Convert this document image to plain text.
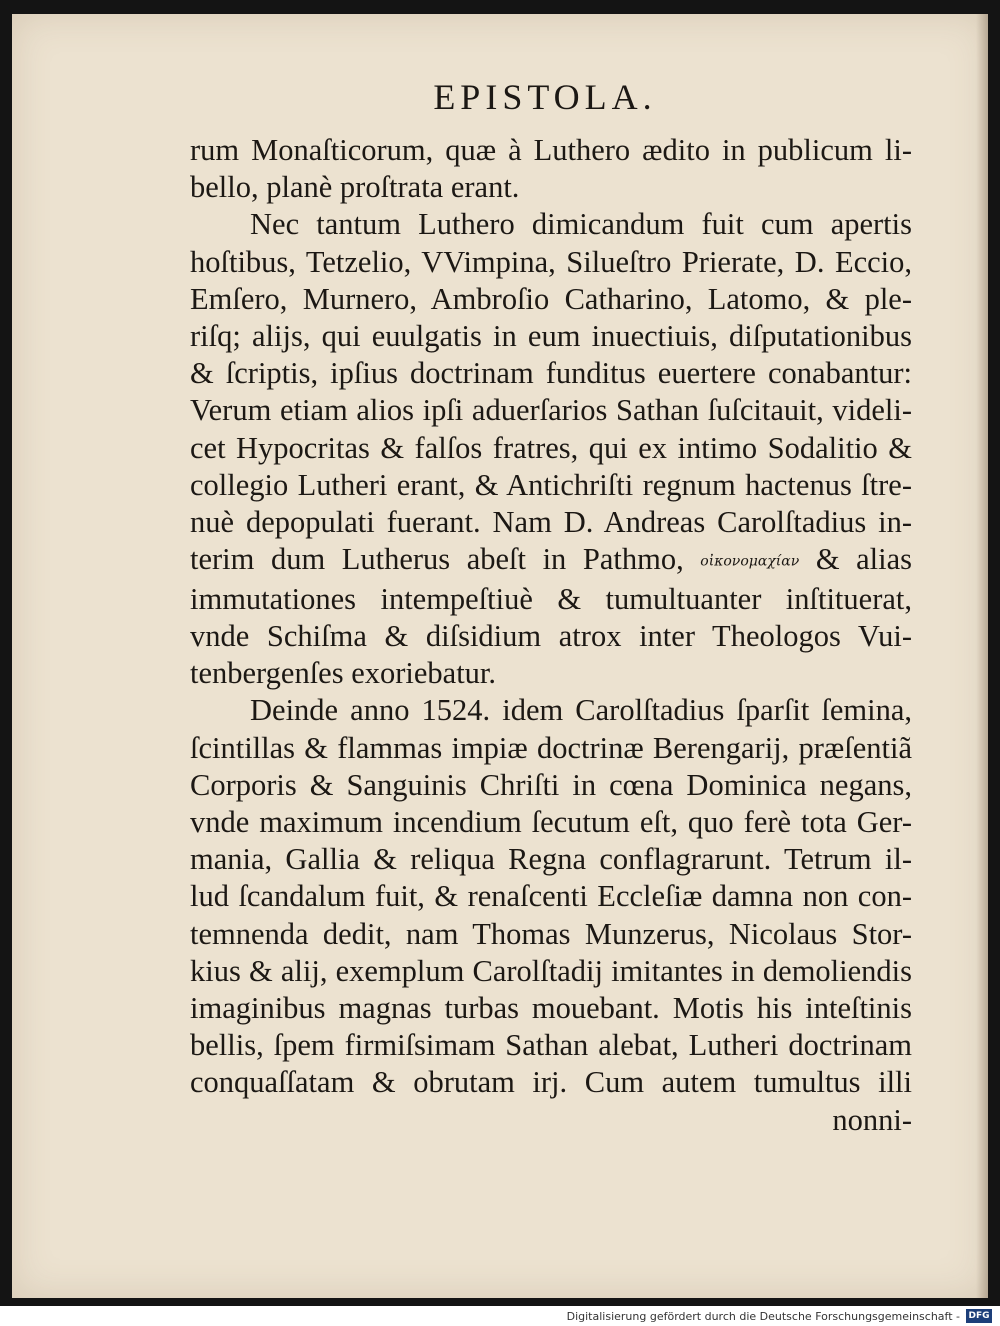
EPISTOLA.
rum Monaſticorum, quæ à Luthero ædito in publicum li-
bello, planè proſtrata erant.
Nec tantum Luthero dimicandum fuit cum apertis
hoſtibus, Tetzelio, VVimpina, Silueſtro Prierate, D. Eccio,
Emſero, Murnero, Ambroſio Catharino, Latomo, & ple-
riſq; alijs, qui euulgatis in eum inuectiuis, diſputationibus
& ſcriptis, ipſius doctrinam funditus euertere conabantur:
Verum etiam alios ipſi aduerſarios Sathan ſuſcitauit, videli-
cet Hypocritas & falſos fratres, qui ex intimo Sodalitio &
collegio Lutheri erant, & Antichriſti regnum hactenus ſtre-
nuè depopulati fuerant. Nam D. Andreas Carolſtadius in-
terim dum Lutherus abeſt in Pathmo, οἰκονομαχίαν & alias
immutationes intempeſtiuè & tumultuanter inſtituerat,
vnde Schiſma & diſsidium atrox inter Theologos Vui-
tenbergenſes exoriebatur.
Deinde anno 1524. idem Carolſtadius ſparſit ſemina,
ſcintillas & flammas impiæ doctrinæ Berengarij, præſentiã
Corporis & Sanguinis Chriſti in cœna Dominica negans,
vnde maximum incendium ſecutum eſt, quo ferè tota Ger-
mania, Gallia & reliqua Regna conflagrarunt. Tetrum il-
lud ſcandalum fuit, & renaſcenti Eccleſiæ damna non con-
temnenda dedit, nam Thomas Munzerus, Nicolaus Stor-
kius & alij, exemplum Carolſtadij imitantes in demoliendis
imaginibus magnas turbas mouebant. Motis his inteſtinis
bellis, ſpem firmiſsimam Sathan alebat, Lutheri doctrinam
conquaſſatam & obrutam irj. Cum autem tumultus illi
nonni-
Digitalisierung gefördert durch die Deutsche Forschungsgemeinschaft - DFG
